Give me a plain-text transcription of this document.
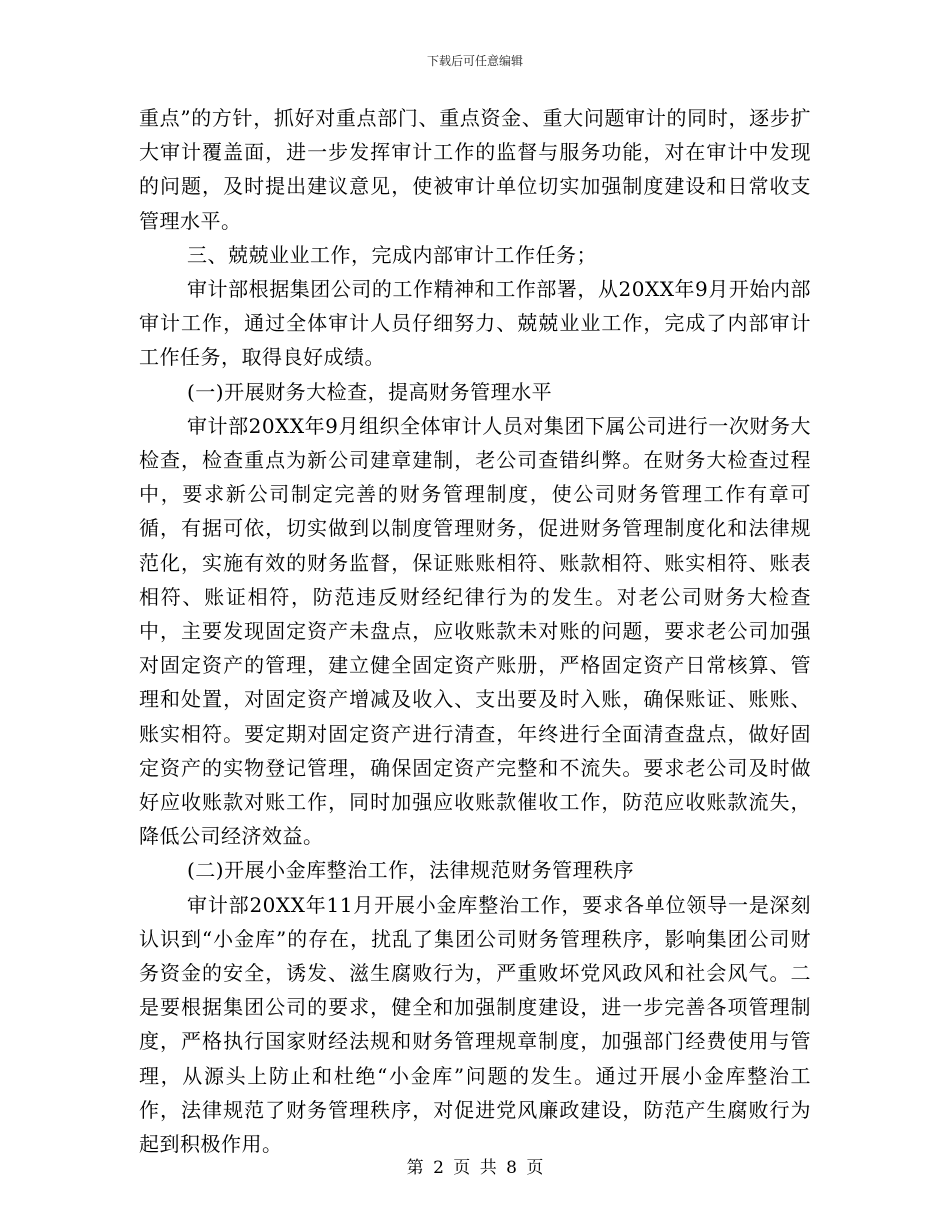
下载后可任意编辑

重点”的方针，抓好对重点部门、重点资金、重大问题审计的同时，逐步扩大审计覆盖面，进一步发挥审计工作的监督与服务功能，对在审计中发现的问题，及时提出建议意见，使被审计单位切实加强制度建设和日常收支管理水平。

三、兢兢业业工作，完成内部审计工作任务；

审计部根据集团公司的工作精神和工作部署，从20XX年9月开始内部审计工作，通过全体审计人员仔细努力、兢兢业业工作，完成了内部审计工作任务，取得良好成绩。

(一)开展财务大检查，提高财务管理水平

审计部20XX年9月组织全体审计人员对集团下属公司进行一次财务大检查，检查重点为新公司建章建制，老公司查错纠弊。在财务大检查过程中，要求新公司制定完善的财务管理制度，使公司财务管理工作有章可循，有据可依，切实做到以制度管理财务，促进财务管理制度化和法律规范化，实施有效的财务监督，保证账账相符、账款相符、账实相符、账表相符、账证相符，防范违反财经纪律行为的发生。对老公司财务大检查中，主要发现固定资产未盘点，应收账款未对账的问题，要求老公司加强对固定资产的管理，建立健全固定资产账册，严格固定资产日常核算、管理和处置，对固定资产增减及收入、支出要及时入账，确保账证、账账、账实相符。要定期对固定资产进行清查，年终进行全面清查盘点，做好固定资产的实物登记管理，确保固定资产完整和不流失。要求老公司及时做好应收账款对账工作，同时加强应收账款催收工作，防范应收账款流失，降低公司经济效益。

(二)开展小金库整治工作，法律规范财务管理秩序

审计部20XX年11月开展小金库整治工作，要求各单位领导一是深刻认识到“小金库”的存在，扰乱了集团公司财务管理秩序，影响集团公司财务资金的安全，诱发、滋生腐败行为，严重败坏党风政风和社会风气。二是要根据集团公司的要求，健全和加强制度建设，进一步完善各项管理制度，严格执行国家财经法规和财务管理规章制度，加强部门经费使用与管理，从源头上防止和杜绝“小金库”问题的发生。通过开展小金库整治工作，法律规范了财务管理秩序，对促进党风廉政建设，防范产生腐败行为起到积极作用。

第 2 页 共 8 页
